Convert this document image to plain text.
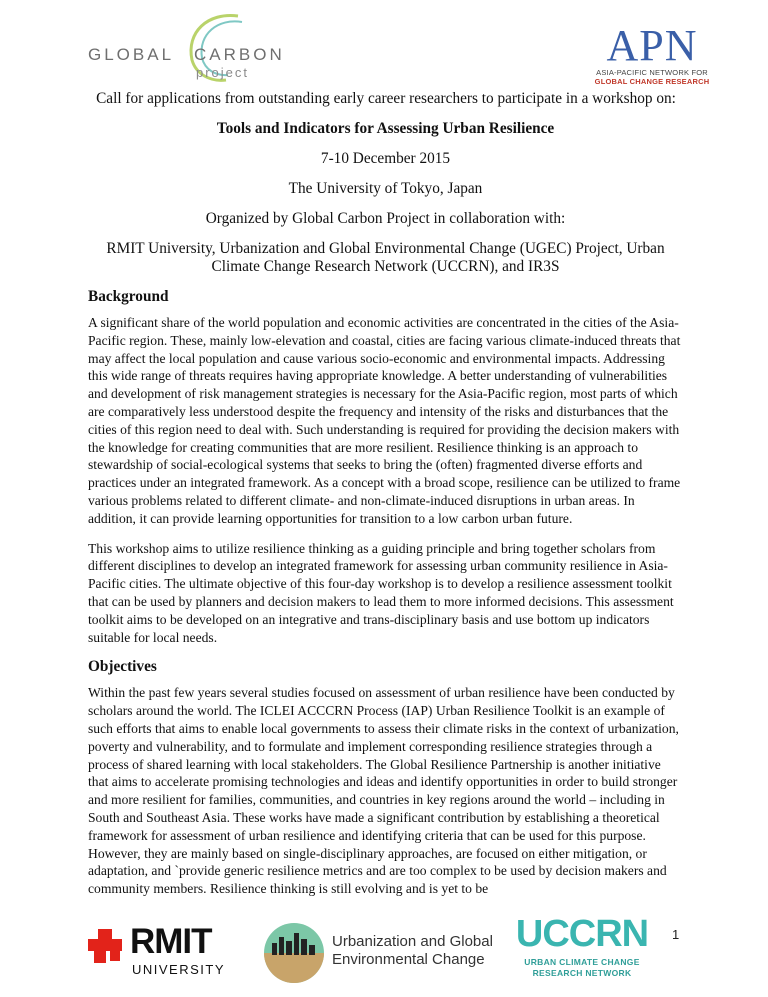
GLOBAL CARBON
project
APN
ASIA-PACIFIC NETWORK FOR
GLOBAL CHANGE RESEARCH
Call for applications from outstanding early career researchers to participate in a workshop on:
Tools and Indicators for Assessing Urban Resilience
7-10 December 2015
The University of Tokyo, Japan
Organized by Global Carbon Project in collaboration with:
RMIT University, Urbanization and Global Environmental Change (UGEC) Project, Urban Climate Change Research Network (UCCRN), and IR3S
Background

A significant share of the world population and economic activities are concentrated in the cities of the Asia-Pacific region. These, mainly low-elevation and coastal, cities are facing various climate-induced threats that may affect the local population and cause various socio-economic and environmental impacts. Addressing this wide range of threats requires having appropriate knowledge. A better understanding of vulnerabilities and development of risk management strategies is necessary for the Asia-Pacific region, most parts of which are comparatively less understood despite the frequency and intensity of the risks and disturbances that the cities of this region need to deal with. Such understanding is required for providing the decision makers with the knowledge for creating communities that are more resilient. Resilience thinking is an approach to stewardship of social-ecological systems that seeks to bring the (often) fragmented diverse efforts and practices under an integrated framework. As a concept with a broad scope, resilience can be utilized to frame various problems related to different climate- and non-climate-induced disruptions in urban areas. In addition, it can provide learning opportunities for transition to a low carbon urban future.

This workshop aims to utilize resilience thinking as a guiding principle and bring together scholars from different disciplines to develop an integrated framework for assessing urban community resilience in Asia-Pacific cities. The ultimate objective of this four-day workshop is to develop a resilience assessment toolkit that can be used by planners and decision makers to lead them to more informed decisions. This assessment toolkit aims to be developed on an integrative and trans-disciplinary basis and use bottom up indicators suitable for local needs.

Objectives

Within the past few years several studies focused on assessment of urban resilience have been conducted by scholars around the world. The ICLEI ACCCRN Process (IAP) Urban Resilience Toolkit is an example of such efforts that aims to enable local governments to assess their climate risks in the context of urbanization, poverty and vulnerability, and to formulate and implement corresponding resilience strategies through a process of shared learning with local stakeholders. The Global Resilience Partnership is another initiative that aims to accelerate promising technologies and ideas and identify opportunities in order to build stronger and more resilient for families, communities, and countries in key regions around the world – including in South and Southeast Asia. These works have made a significant contribution by establishing a theoretical framework for assessment of urban resilience and identifying criteria that can be used for this purpose. However, they are mainly based on single-disciplinary approaches, are focused on either mitigation, or adaptation, and `provide generic resilience metrics and are too complex to be used by decision makers and community members. Resilience thinking is still evolving and is yet to be

RMIT
UNIVERSITY
Urbanization and Global
Environmental Change
UCCRN
URBAN CLIMATE CHANGE
RESEARCH NETWORK
1
